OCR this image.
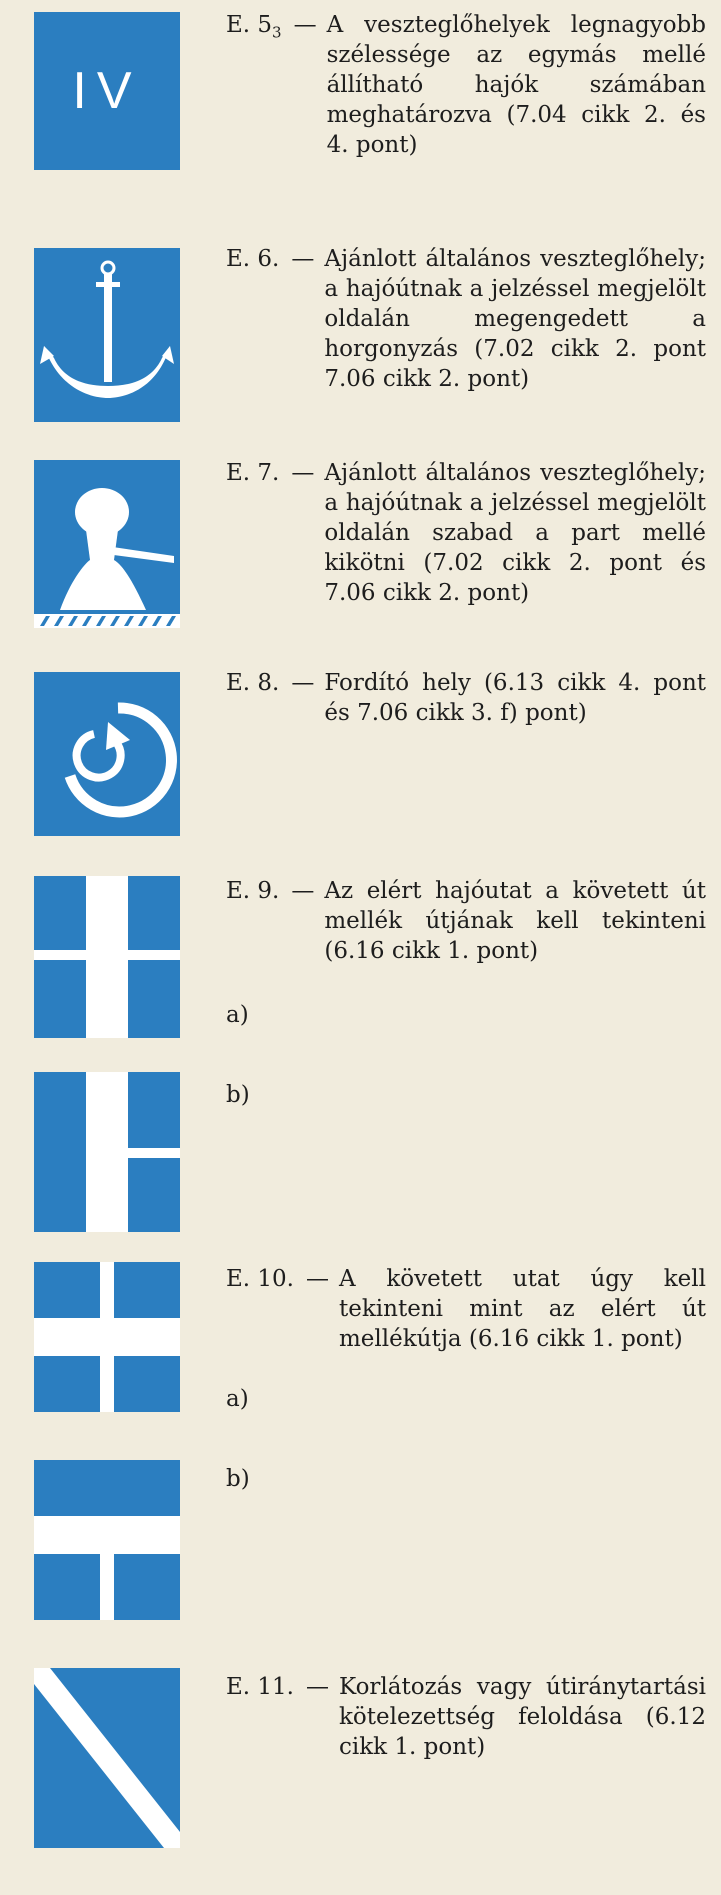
IV
E. $5_3$ — A veszteglőhelyek legnagyobb szélessége az egymás mellé állítható hajók számában meghatározva (7.04 cikk 2. és 4. pont)
E. 6. — Ajánlott általános veszteglőhely; a hajóútnak a jelzéssel megjelölt oldalán megengedett a horgonyzás (7.02 cikk 2. pont 7.06 cikk 2. pont)
E. 7. — Ajánlott általános veszteglőhely; a hajóútnak a jelzéssel megjelölt oldalán szabad a part mellé kikötni (7.02 cikk 2. pont és 7.06 cikk 2. pont)
E. 8. — Fordító hely (6.13 cikk 4. pont és 7.06 cikk 3. f) pont)
E. 9. — Az elért hajóutat a követett út mellék útjának kell tekinteni (6.16 cikk 1. pont)
a)
b)
E. 10. — A követett utat úgy kell tekinteni mint az elért út mellékútja (6.16 cikk 1. pont)
a)
b)
E. 11. — Korlátozás vagy útiránytartási kötelezettség feloldása (6.12 cikk 1. pont)
